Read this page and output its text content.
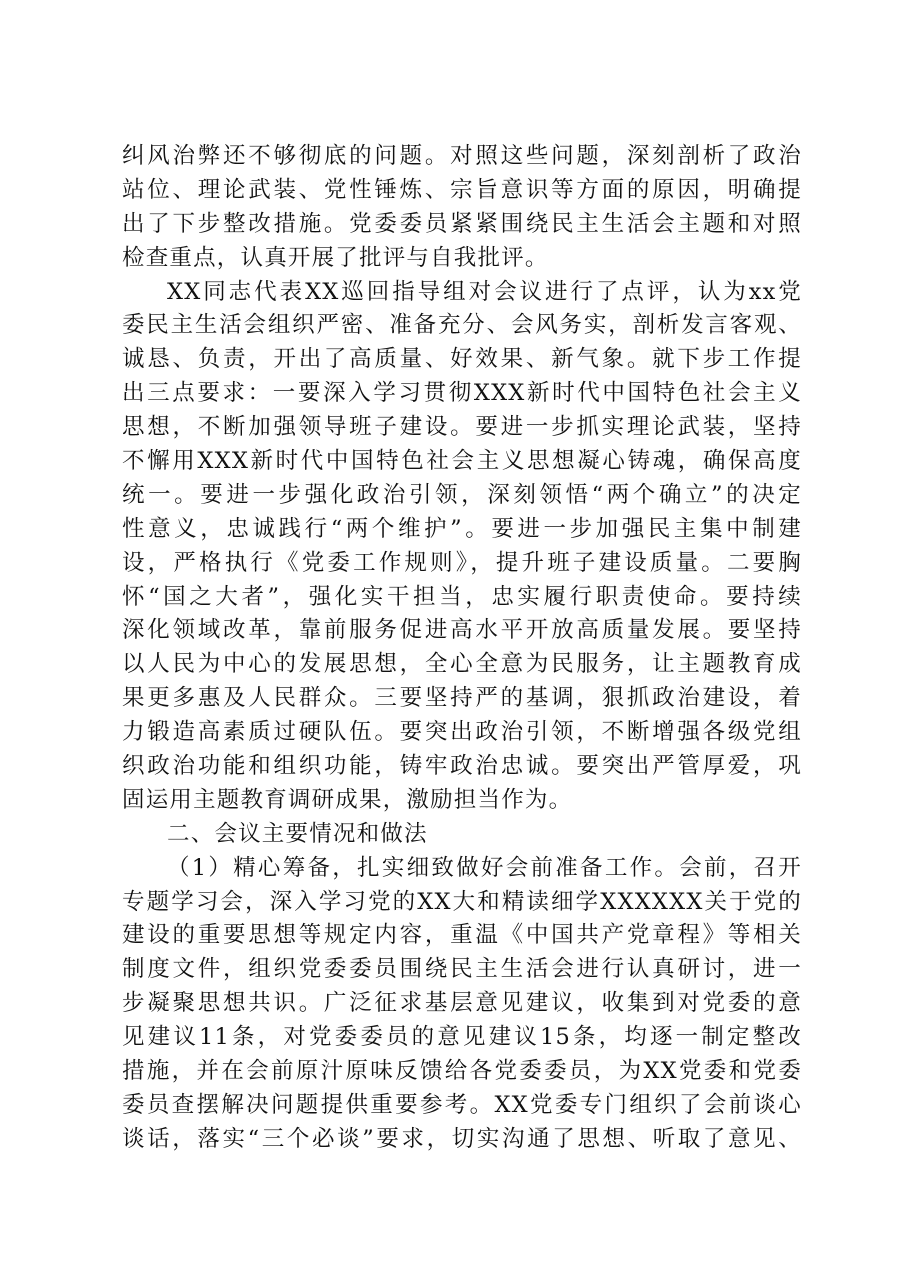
纠风治弊还不够彻底的问题。对照这些问题，深刻剖析了政治
站位、理论武装、党性锤炼、宗旨意识等方面的原因，明确提
出了下步整改措施。党委委员紧紧围绕民主生活会主题和对照
检查重点，认真开展了批评与自我批评。
XX同志代表XX巡回指导组对会议进行了点评，认为xx党
委民主生活会组织严密、准备充分、会风务实，剖析发言客观、
诚恳、负责，开出了高质量、好效果、新气象。就下步工作提
出三点要求：一要深入学习贯彻XXX新时代中国特色社会主义
思想，不断加强领导班子建设。要进一步抓实理论武装，坚持
不懈用XXX新时代中国特色社会主义思想凝心铸魂，确保高度
统一。要进一步强化政治引领，深刻领悟“两个确立”的决定
性意义，忠诚践行“两个维护”。要进一步加强民主集中制建
设，严格执行《党委工作规则》，提升班子建设质量。二要胸
怀“国之大者”，强化实干担当，忠实履行职责使命。要持续
深化领域改革，靠前服务促进高水平开放高质量发展。要坚持
以人民为中心的发展思想，全心全意为民服务，让主题教育成
果更多惠及人民群众。三要坚持严的基调，狠抓政治建设，着
力锻造高素质过硬队伍。要突出政治引领，不断增强各级党组
织政治功能和组织功能，铸牢政治忠诚。要突出严管厚爱，巩
固运用主题教育调研成果，激励担当作为。
二、会议主要情况和做法
（1）精心筹备，扎实细致做好会前准备工作。会前，召开
专题学习会，深入学习党的XX大和精读细学XXXXXX关于党的
建设的重要思想等规定内容，重温《中国共产党章程》等相关
制度文件，组织党委委员围绕民主生活会进行认真研讨，进一
步凝聚思想共识。广泛征求基层意见建议，收集到对党委的意
见建议11条，对党委委员的意见建议15条，均逐一制定整改
措施，并在会前原汁原味反馈给各党委委员，为XX党委和党委
委员查摆解决问题提供重要参考。XX党委专门组织了会前谈心
谈话，落实“三个必谈”要求，切实沟通了思想、听取了意见、
